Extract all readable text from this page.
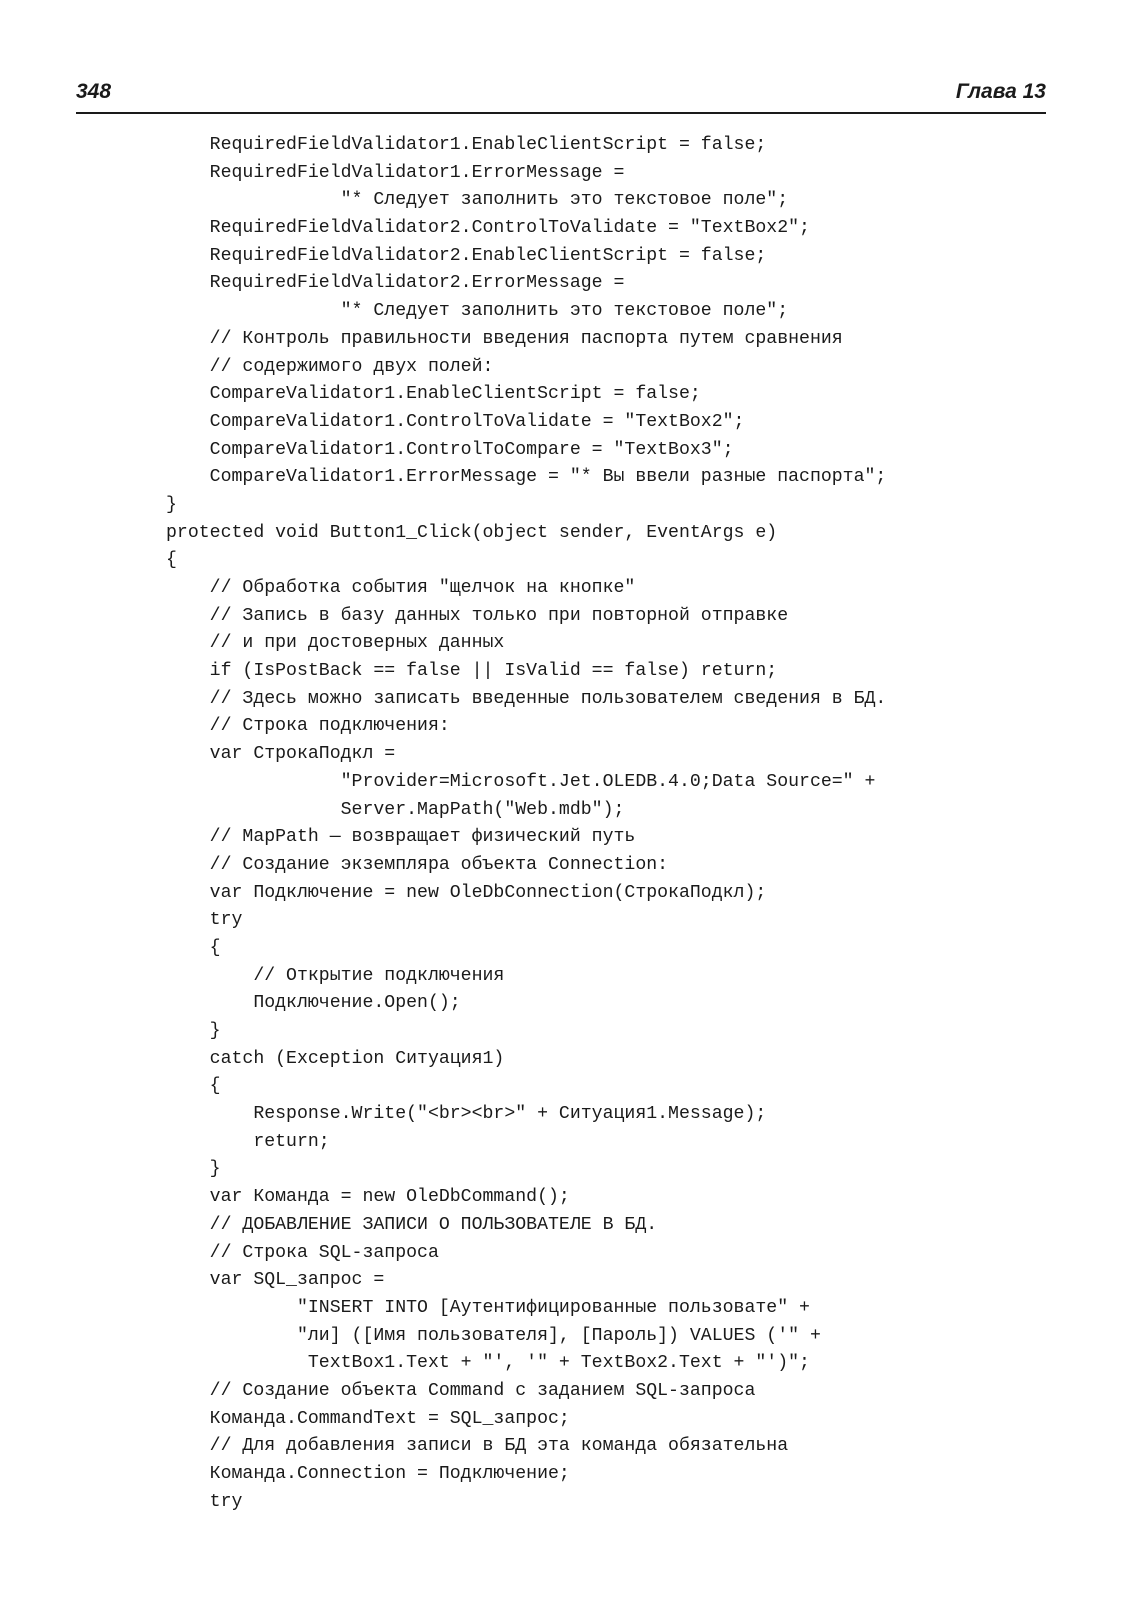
348	Глава 13
RequiredFieldValidator1.EnableClientScript = false;
RequiredFieldValidator1.ErrorMessage =
"* Следует заполнить это текстовое поле";
RequiredFieldValidator2.ControlToValidate = "TextBox2";
RequiredFieldValidator2.EnableClientScript = false;
RequiredFieldValidator2.ErrorMessage =
"* Следует заполнить это текстовое поле";
// Контроль правильности введения паспорта путем сравнения
// содержимого двух полей:
CompareValidator1.EnableClientScript = false;
CompareValidator1.ControlToValidate = "TextBox2";
CompareValidator1.ControlToCompare = "TextBox3";
CompareValidator1.ErrorMessage = "* Вы ввели разные паспорта";
}
protected void Button1_Click(object sender, EventArgs e)
{
// Обработка события "щелчок на кнопке"
// Запись в базу данных только при повторной отправке
// и при достоверных данных
if (IsPostBack == false || IsValid == false) return;
// Здесь можно записать введенные пользователем сведения в БД.
// Строка подключения:
var СтрокаПодкл =
"Provider=Microsoft.Jet.OLEDB.4.0;Data Source=" +
Server.MapPath("Web.mdb");
// MapPath — возвращает физический путь
// Создание экземпляра объекта Connection:
var Подключение = new OleDbConnection(СтрокаПодкл);
try
{
// Открытие подключения
Подключение.Open();
}
catch (Exception Ситуация1)
{
Response.Write("<br><br>" + Ситуация1.Message);
return;
}
var Команда = new OleDbCommand();
// ДОБАВЛЕНИЕ ЗАПИСИ О ПОЛЬЗОВАТЕЛЕ В БД.
// Строка SQL-запроса
var SQL_запрос =
"INSERT INTO [Аутентифицированные пользовате" +
"ли] ([Имя пользователя], [Пароль]) VALUES ('" +
TextBox1.Text + "', '" + TextBox2.Text + "')";
// Создание объекта Command с заданием SQL-запроса
Команда.CommandText = SQL_запрос;
// Для добавления записи в БД эта команда обязательна
Команда.Connection = Подключение;
try
